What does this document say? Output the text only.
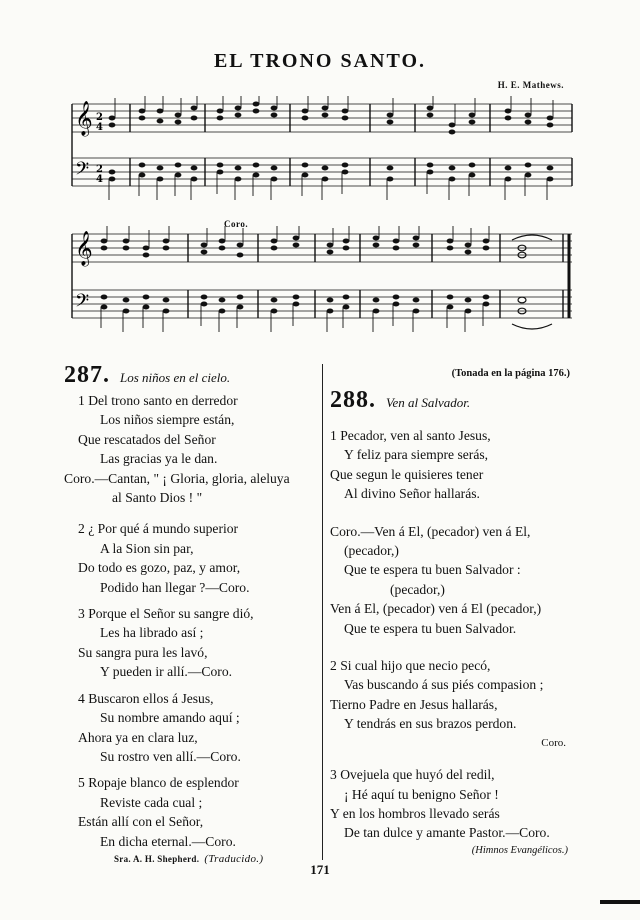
EL TRONO SANTO.
H. E. Mathews.
𝄞
𝄢
2
4
2
4
Coro.
𝄞
𝄢
287. Los niños en el cielo.
1 Del trono santo en derredor
Los niños siempre están,
Que rescatados del Señor
Las gracias ya le dan.
Coro.—Cantan, " ¡ Gloria, gloria, aleluya
al Santo Dios ! "
2 ¿ Por qué á mundo superior
A la Sion sin par,
Do todo es gozo, paz, y amor,
Podido han llegar ?—Coro.
3 Porque el Señor su sangre dió,
Les ha librado así ;
Su sangra pura les lavó,
Y pueden ir allí.—Coro.
4 Buscaron ellos á Jesus,
Su nombre amando aquí ;
Ahora ya en clara luz,
Su rostro ven allí.—Coro.
5 Ropaje blanco de esplendor
Reviste cada cual ;
Están allí con el Señor,
En dicha eternal.—Coro.
Sra. A. H. Shepherd. (Traducido.)
(Tonada en la página 176.)
288. Ven al Salvador.
1 Pecador, ven al santo Jesus,
Y feliz para siempre serás,
Que segun le quisieres tener
Al divino Señor hallarás.
Coro.—Ven á El, (pecador) ven á El,
(pecador,)
Que te espera tu buen Salvador :
(pecador,)
Ven á El, (pecador) ven á El (pecador,)
Que te espera tu buen Salvador.
2 Si cual hijo que necio pecó,
Vas buscando á sus piés compasion ;
Tierno Padre en Jesus hallarás,
Y tendrás en sus brazos perdon.
Coro.
3 Ovejuela que huyó del redil,
¡ Hé aquí tu benigno Señor !
Y en los hombros llevado serás
De tan dulce y amante Pastor.—Coro.
(Himnos Evangélicos.)
171
